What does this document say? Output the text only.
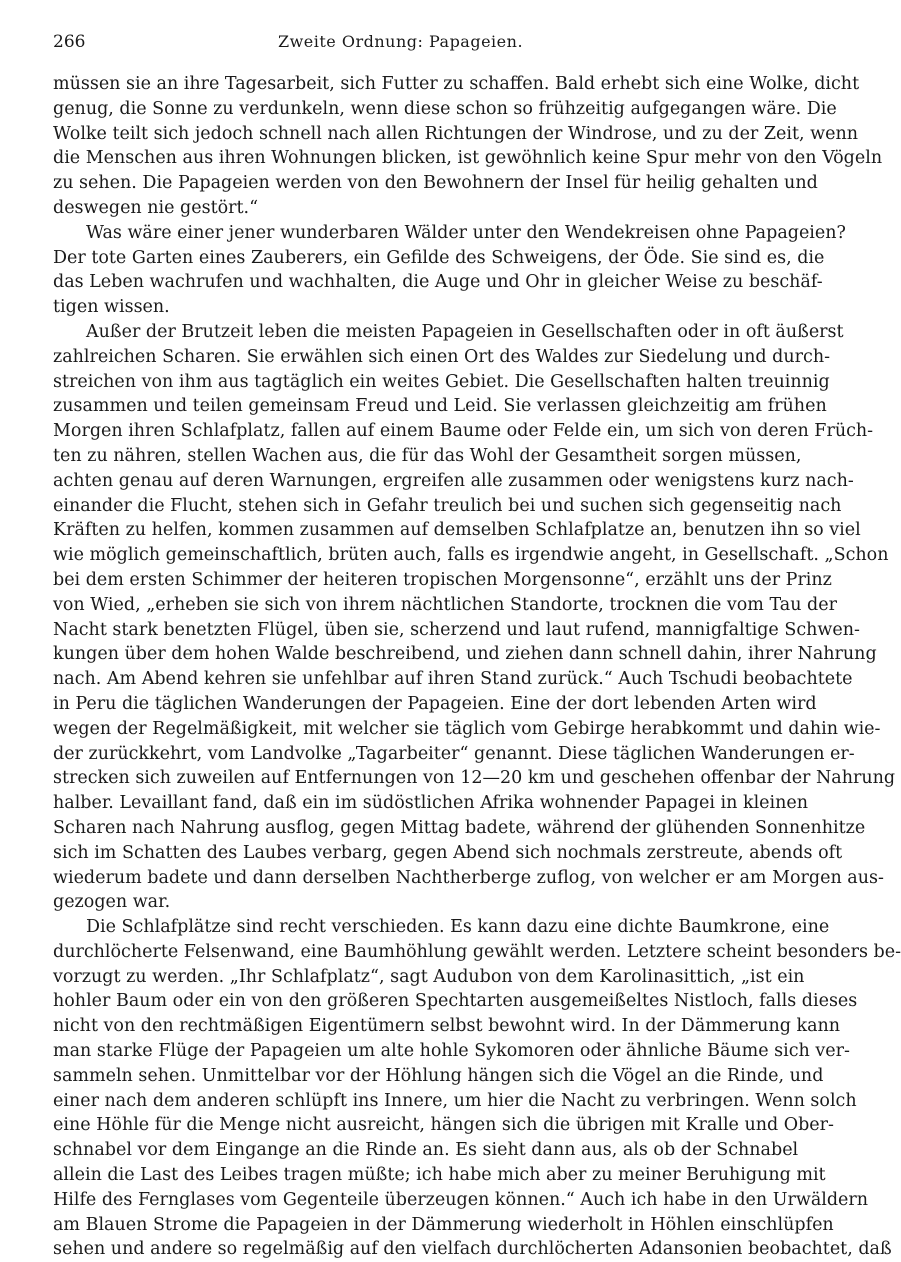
266	Zweite Ordnung: Papageien.
müssen sie an ihre Tagesarbeit, sich Futter zu schaffen. Bald erhebt sich eine Wolke, dicht
genug, die Sonne zu verdunkeln, wenn diese schon so frühzeitig aufgegangen wäre. Die
Wolke teilt sich jedoch schnell nach allen Richtungen der Windrose, und zu der Zeit, wenn
die Menschen aus ihren Wohnungen blicken, ist gewöhnlich keine Spur mehr von den Vögeln
zu sehen. Die Papageien werden von den Bewohnern der Insel für heilig gehalten und
deswegen nie gestört.“
Was wäre einer jener wunderbaren Wälder unter den Wendekreisen ohne Papageien?
Der tote Garten eines Zauberers, ein Gefilde des Schweigens, der Öde. Sie sind es, die
das Leben wachrufen und wachhalten, die Auge und Ohr in gleicher Weise zu beschäf-
tigen wissen.
Außer der Brutzeit leben die meisten Papageien in Gesellschaften oder in oft äußerst
zahlreichen Scharen. Sie erwählen sich einen Ort des Waldes zur Siedelung und durch-
streichen von ihm aus tagtäglich ein weites Gebiet. Die Gesellschaften halten treuinnig
zusammen und teilen gemeinsam Freud und Leid. Sie verlassen gleichzeitig am frühen
Morgen ihren Schlafplatz, fallen auf einem Baume oder Felde ein, um sich von deren Früch-
ten zu nähren, stellen Wachen aus, die für das Wohl der Gesamtheit sorgen müssen,
achten genau auf deren Warnungen, ergreifen alle zusammen oder wenigstens kurz nach-
einander die Flucht, stehen sich in Gefahr treulich bei und suchen sich gegenseitig nach
Kräften zu helfen, kommen zusammen auf demselben Schlafplatze an, benutzen ihn so viel
wie möglich gemeinschaftlich, brüten auch, falls es irgendwie angeht, in Gesellschaft. „Schon
bei dem ersten Schimmer der heiteren tropischen Morgensonne“, erzählt uns der Prinz
von Wied, „erheben sie sich von ihrem nächtlichen Standorte, trocknen die vom Tau der
Nacht stark benetzten Flügel, üben sie, scherzend und laut rufend, mannigfaltige Schwen-
kungen über dem hohen Walde beschreibend, und ziehen dann schnell dahin, ihrer Nahrung
nach. Am Abend kehren sie unfehlbar auf ihren Stand zurück.“ Auch Tschudi beobachtete
in Peru die täglichen Wanderungen der Papageien. Eine der dort lebenden Arten wird
wegen der Regelmäßigkeit, mit welcher sie täglich vom Gebirge herabkommt und dahin wie-
der zurückkehrt, vom Landvolke „Tagarbeiter“ genannt. Diese täglichen Wanderungen er-
strecken sich zuweilen auf Entfernungen von 12—20 km und geschehen offenbar der Nahrung
halber. Levaillant fand, daß ein im südöstlichen Afrika wohnender Papagei in kleinen
Scharen nach Nahrung ausflog, gegen Mittag badete, während der glühenden Sonnenhitze
sich im Schatten des Laubes verbarg, gegen Abend sich nochmals zerstreute, abends oft
wiederum badete und dann derselben Nachtherberge zuflog, von welcher er am Morgen aus-
gezogen war.
Die Schlafplätze sind recht verschieden. Es kann dazu eine dichte Baumkrone, eine
durchlöcherte Felsenwand, eine Baumhöhlung gewählt werden. Letztere scheint besonders be-
vorzugt zu werden. „Ihr Schlafplatz“, sagt Audubon von dem Karolinasittich, „ist ein
hohler Baum oder ein von den größeren Spechtarten ausgemeißeltes Nistloch, falls dieses
nicht von den rechtmäßigen Eigentümern selbst bewohnt wird. In der Dämmerung kann
man starke Flüge der Papageien um alte hohle Sykomoren oder ähnliche Bäume sich ver-
sammeln sehen. Unmittelbar vor der Höhlung hängen sich die Vögel an die Rinde, und
einer nach dem anderen schlüpft ins Innere, um hier die Nacht zu verbringen. Wenn solch
eine Höhle für die Menge nicht ausreicht, hängen sich die übrigen mit Kralle und Ober-
schnabel vor dem Eingange an die Rinde an. Es sieht dann aus, als ob der Schnabel
allein die Last des Leibes tragen müßte; ich habe mich aber zu meiner Beruhigung mit
Hilfe des Fernglases vom Gegenteile überzeugen können.“ Auch ich habe in den Urwäldern
am Blauen Strome die Papageien in der Dämmerung wiederholt in Höhlen einschlüpfen
sehen und andere so regelmäßig auf den vielfach durchlöcherten Adansonien beobachtet, daß
